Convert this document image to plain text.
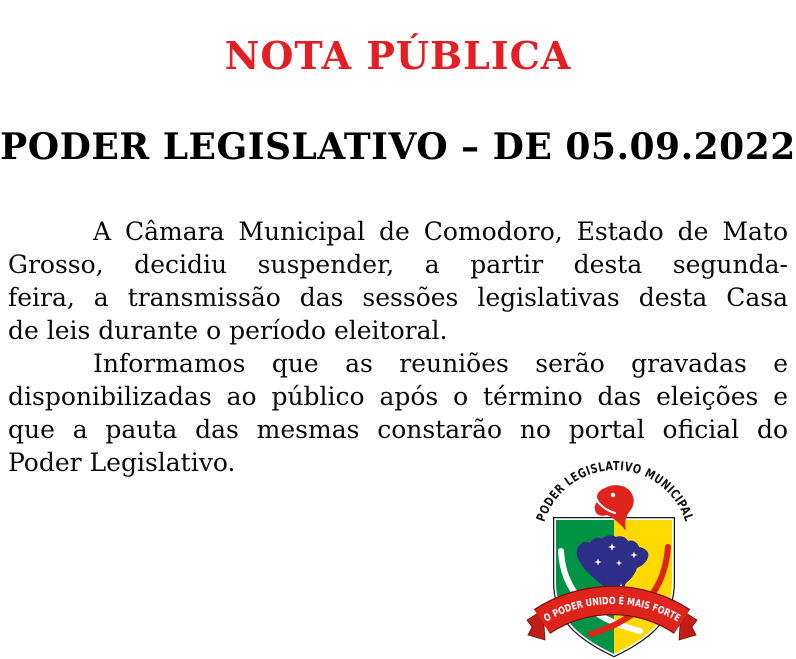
NOTA PÚBLICA
PODER LEGISLATIVO – DE 05.09.2022
A Câmara Municipal de Comodoro, Estado de Mato
Grosso, decidiu suspender, a partir desta segunda-
feira, a transmissão das sessões legislativas desta Casa
de leis durante o período eleitoral.
Informamos que as reuniões serão gravadas e
disponibilizadas ao público após o término das eleições e
que a pauta das mesmas constarão no portal oficial do
Poder Legislativo.
PODER LEGISLATIVO MUNICIPAL
O PODER UNIDO É MAIS FORTE
